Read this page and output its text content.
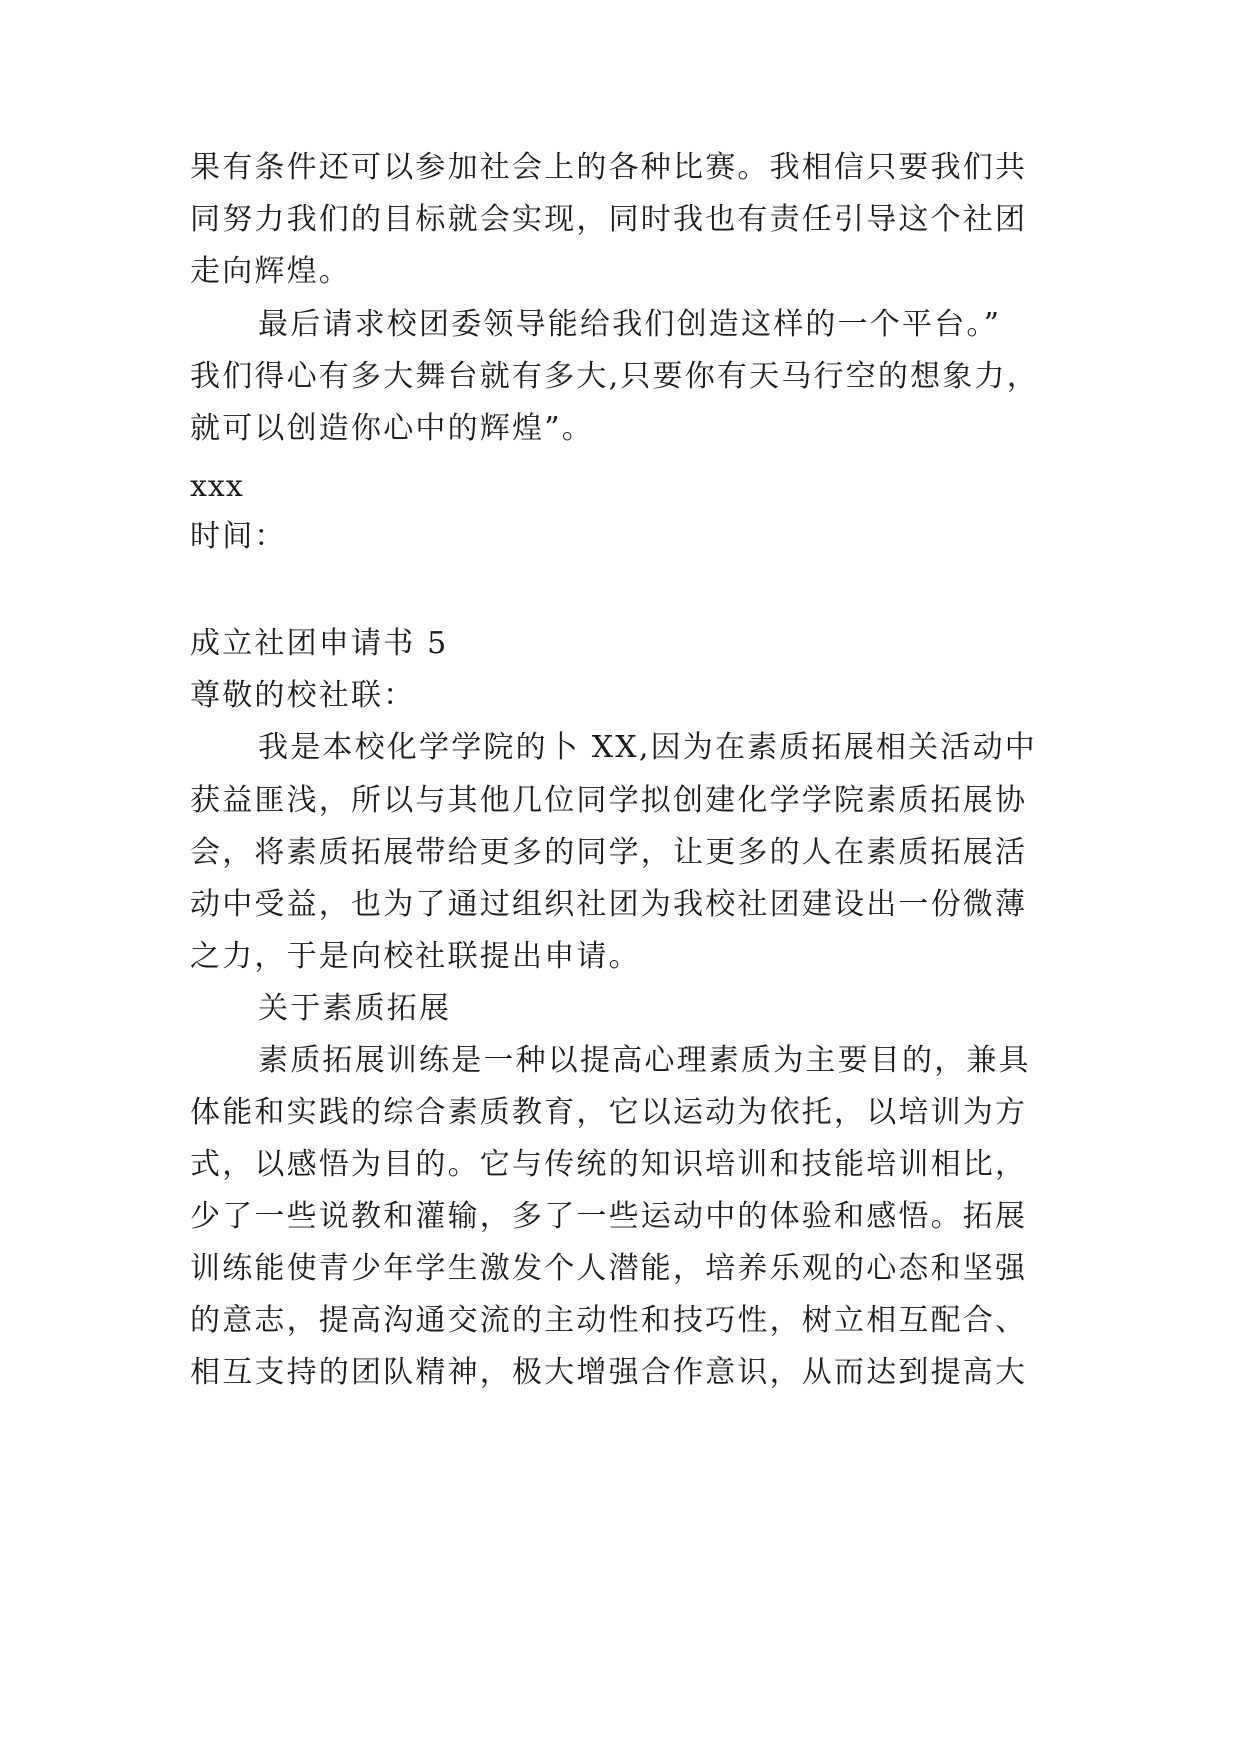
果有条件还可以参加社会上的各种比赛。我相信只要我们共
同努力我们的目标就会实现，同时我也有责任引导这个社团
走向辉煌。
最后请求校团委领导能给我们创造这样的一个平台。”
我们得心有多大舞台就有多大,只要你有天马行空的想象力，
就可以创造你心中的辉煌”。
xxx
时间：
成立社团申请书 5
尊敬的校社联：
我是本校化学学院的卜 XX,因为在素质拓展相关活动中
获益匪浅，所以与其他几位同学拟创建化学学院素质拓展协
会，将素质拓展带给更多的同学，让更多的人在素质拓展活
动中受益，也为了通过组织社团为我校社团建设出一份微薄
之力，于是向校社联提出申请。
关于素质拓展
素质拓展训练是一种以提高心理素质为主要目的，兼具
体能和实践的综合素质教育，它以运动为依托，以培训为方
式，以感悟为目的。它与传统的知识培训和技能培训相比，
少了一些说教和灌输，多了一些运动中的体验和感悟。拓展
训练能使青少年学生激发个人潜能，培养乐观的心态和坚强
的意志，提高沟通交流的主动性和技巧性，树立相互配合、
相互支持的团队精神，极大增强合作意识，从而达到提高大
